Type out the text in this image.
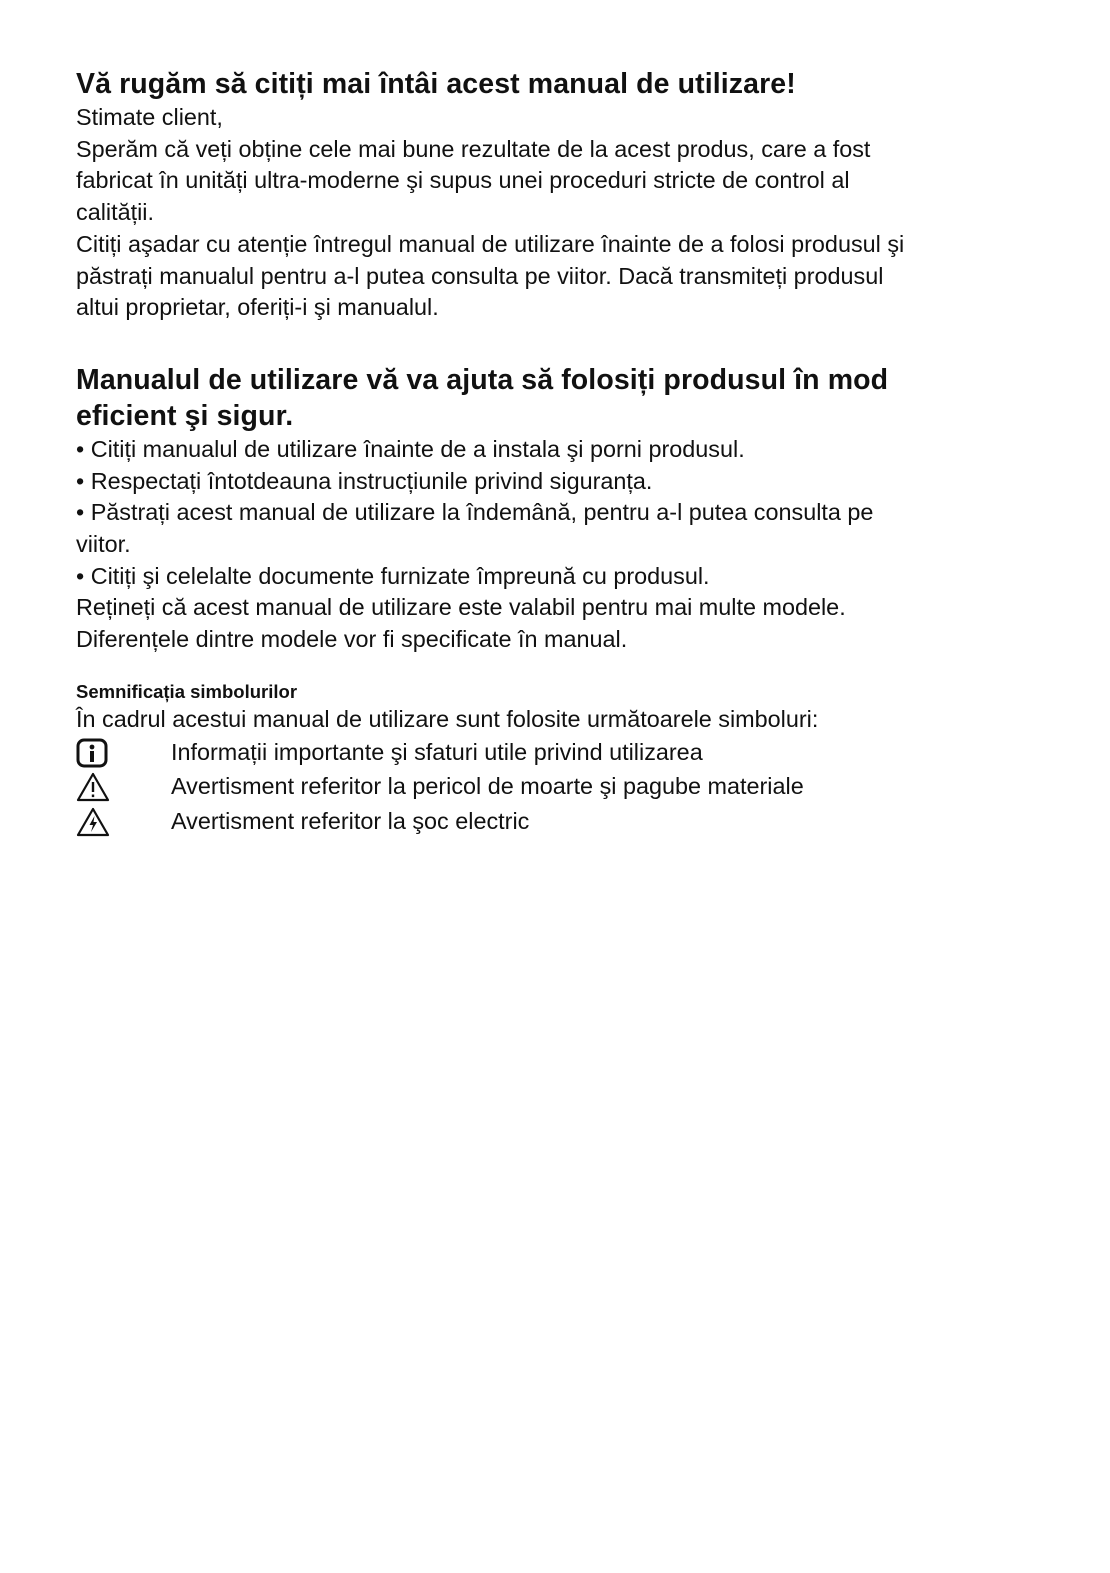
Vă rugăm să citiți mai întâi acest manual de utilizare!

Stimate client,

Sperăm că veți obține cele mai bune rezultate de la acest produs, care a fost

fabricat în unități ultra-moderne şi supus unei proceduri stricte de control al

calității.

Citiți aşadar cu atenție întregul manual de utilizare înainte de a folosi produsul şi

păstrați manualul pentru a-l putea consulta pe viitor. Dacă transmiteți produsul

altui proprietar, oferiți-i şi manualul.

Manualul de utilizare vă va ajuta să folosiți produsul în mod
eficient şi sigur.

• Citiți manualul de utilizare înainte de a instala şi porni produsul.

• Respectați întotdeauna instrucțiunile privind siguranța.

• Păstrați acest manual de utilizare la îndemână, pentru a-l putea consulta pe

viitor.

• Citiți şi celelalte documente furnizate împreună cu produsul.

Rețineți că acest manual de utilizare este valabil pentru mai multe modele.

Diferențele dintre modele vor fi specificate în manual.

Semnificația simbolurilor

În cadrul acestui manual de utilizare sunt folosite următoarele simboluri:

Informații importante şi sfaturi utile privind utilizarea
Avertisment referitor la pericol de moarte şi pagube materiale
Avertisment referitor la şoc electric
